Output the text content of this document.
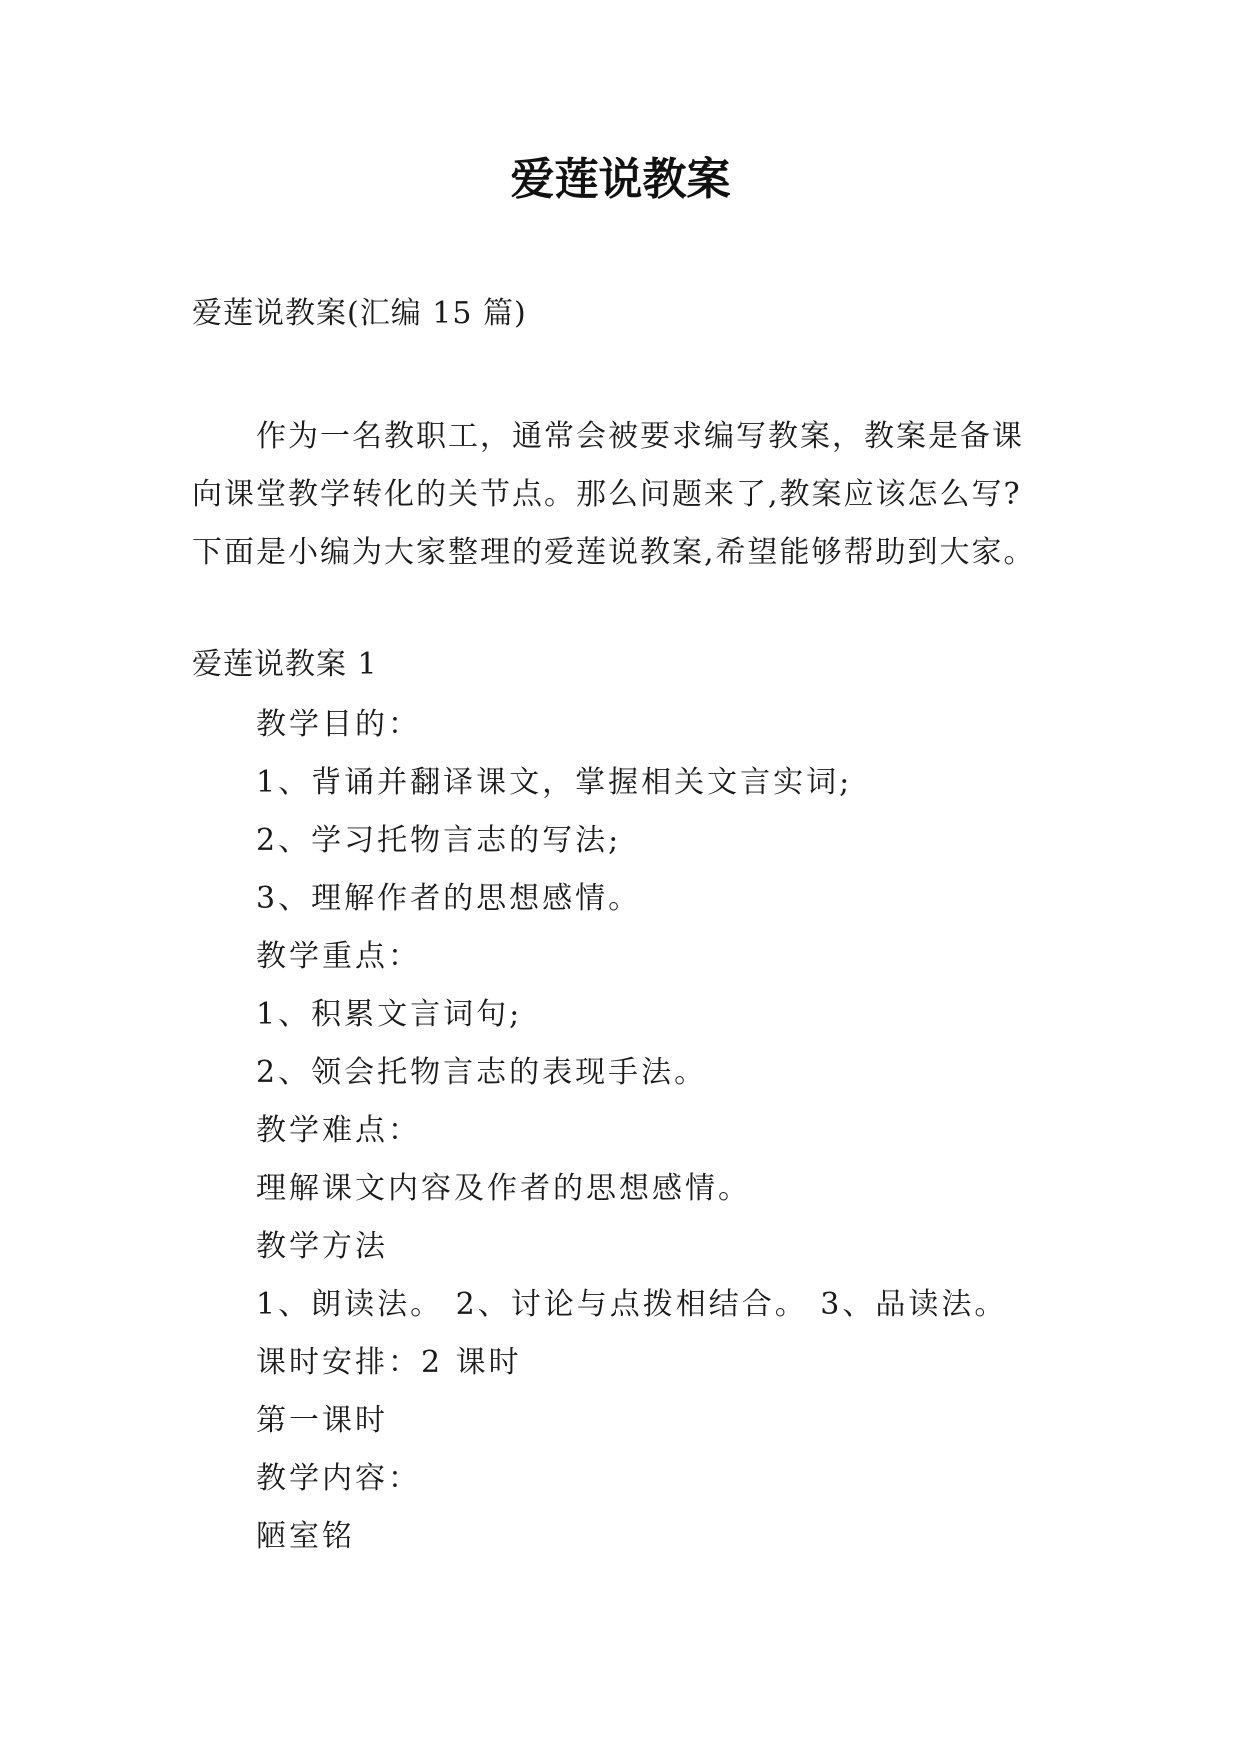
爱莲说教案
爱莲说教案(汇编 15 篇)
作为一名教职工，通常会被要求编写教案，教案是备课
向课堂教学转化的关节点。那么问题来了,教案应该怎么写?
下面是小编为大家整理的爱莲说教案,希望能够帮助到大家。
爱莲说教案 1
教学目的：
1、背诵并翻译课文，掌握相关文言实词;
2、学习托物言志的写法;
3、理解作者的思想感情。
教学重点：
1、积累文言词句;
2、领会托物言志的表现手法。
教学难点：
理解课文内容及作者的思想感情。
教学方法
1、朗读法。 2、讨论与点拨相结合。 3、品读法。
课时安排：2 课时
第一课时
教学内容：
陋室铭
